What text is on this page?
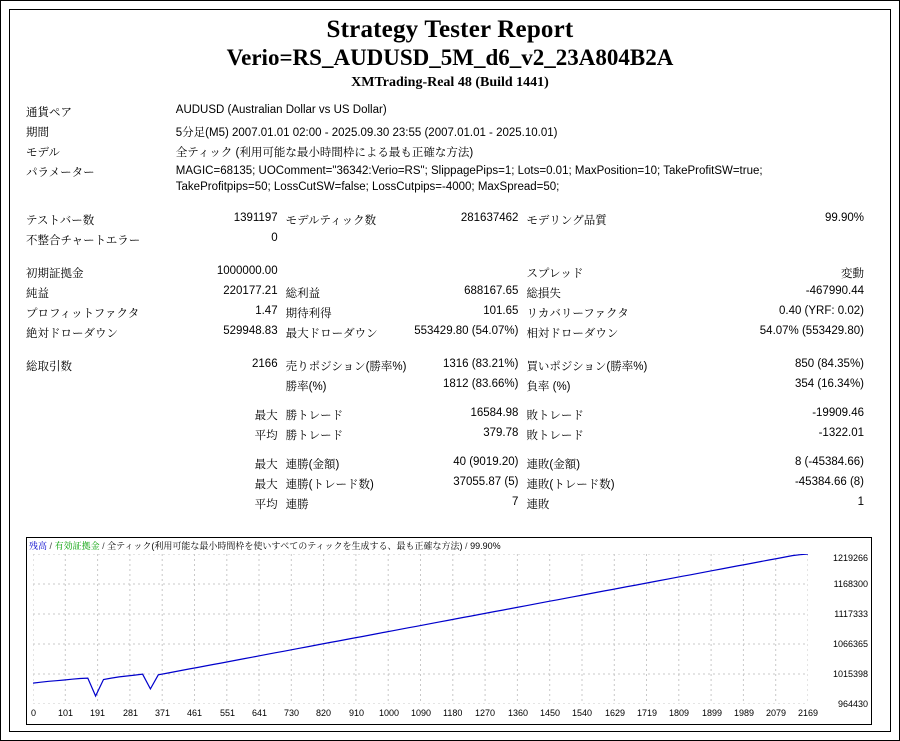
Strategy Tester Report
Verio=RS_AUDUSD_5M_d6_v2_23A804B2A
XMTrading-Real 48 (Build 1441)
通貨ペア	AUDUSD (Australian Dollar vs US Dollar)				
期間	5分足(M5) 2007.01.01 02:00 - 2025.09.30 23:55 (2007.01.01 - 2025.10.01)				
モデル	全ティック (利用可能な最小時間枠による最も正確な方法)				
パラメーター	MAGIC=68135; UOComment="36342:Verio=RS"; SlippagePips=1; Lots=0.01; MaxPosition=10; TakeProfitSW=true;
TakeProfitpips=50; LossCutSW=false; LossCutpips=-4000; MaxSpread=50;				

テストバー数	1391197	モデルティック数	281637462	モデリング品質	99.90%
不整合チャートエラー	0				

初期証拠金	1000000.00			スプレッド	変動
純益	220177.21	総利益	688167.65	総損失	-467990.44
プロフィットファクタ	1.47	期待利得	101.65	リカバリーファクタ	0.40 (YRF: 0.02)
絶対ドローダウン	529948.83	最大ドローダウン	553429.80 (54.07%)	相対ドローダウン	54.07% (553429.80)

総取引数	2166	売りポジション(勝率%)	1316 (83.21%)	買いポジション(勝率%)	850 (84.35%)
		勝率(%)	1812 (83.66%)	負率 (%)	354 (16.34%)

	最大	勝トレード	16584.98	敗トレード	-19909.46
	平均	勝トレード	379.78	敗トレード	-1322.01

	最大	連勝(金額)	40 (9019.20)	連敗(金額)	8 (-45384.66)
	最大	連勝(トレード数)	37055.87 (5)	連敗(トレード数)	-45384.66 (8)
	平均	連勝	7	連敗	1
残高 / 有効証拠金 / 全ティック(利用可能な最小時間枠を使いすべてのティックを生成する、最も正確な方法) / 99.90%
1219266
1168300
1117333
1066365
1015398
964430
0 101 191 281 371 461 551 641 730 820 910 1000 1090 1180 1270 1360 1450 1540 1629 1719 1809 1899 1989 2079 2169
